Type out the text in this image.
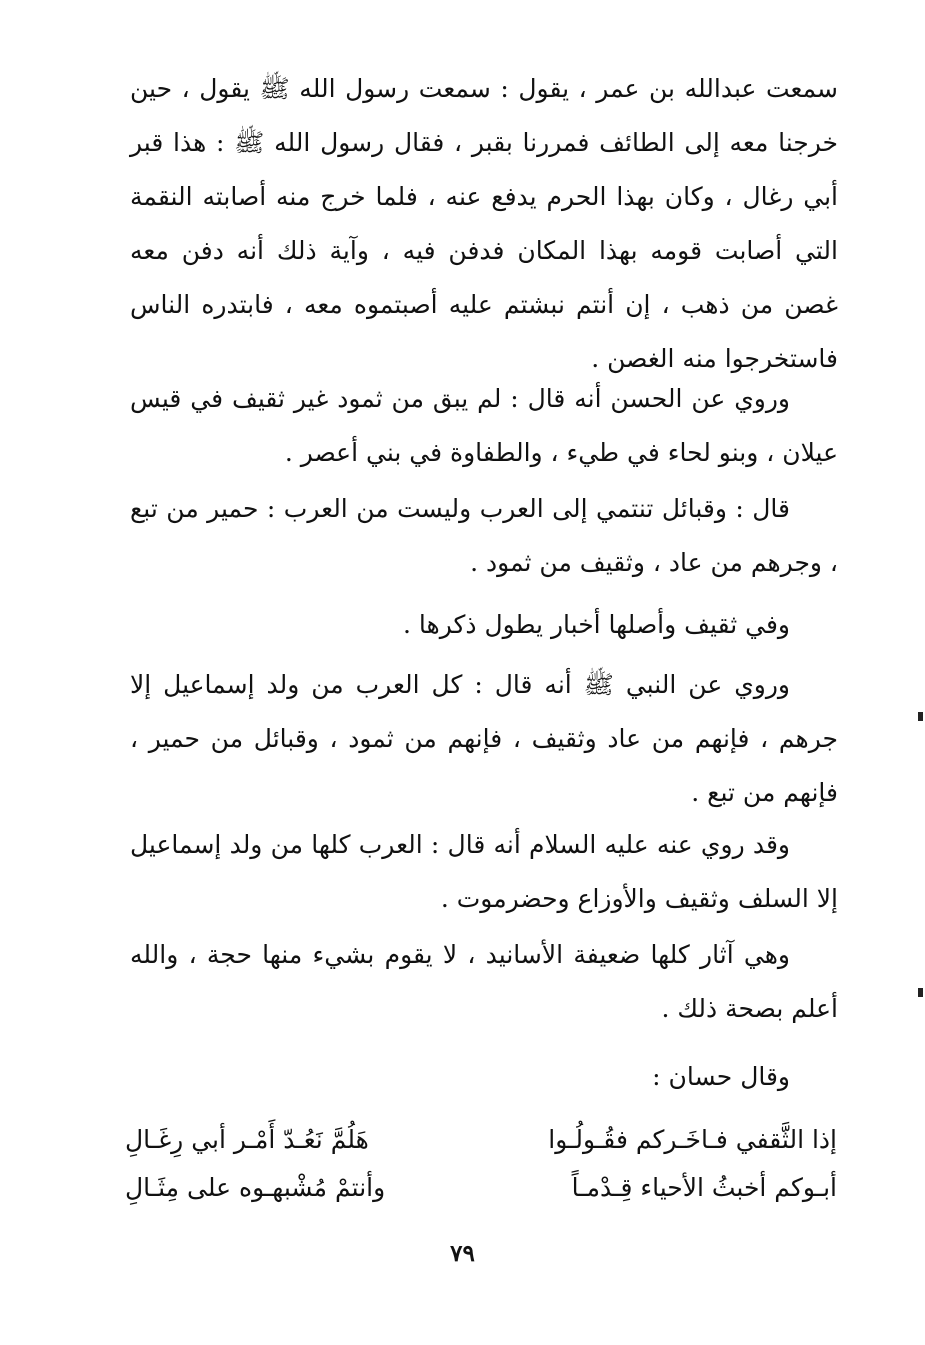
سمعت عبدالله بن عمر ، يقول : سمعت رسول الله ﷺ يقول ، حين خرجنا معه إلى الطائف فمررنا بقبر ، فقال رسول الله ﷺ : هذا قبر أبي رغال ، وكان بهذا الحرم يدفع عنه ، فلما خرج منه أصابته النقمة التي أصابت قومه بهذا المكان فدفن فيه ، وآية ذلك أنه دفن معه غصن من ذهب ، إن أنتم نبشتم عليه أصبتموه معه ، فابتدره الناس فاستخرجوا منه الغصن .

وروي عن الحسن أنه قال : لم يبق من ثمود غير ثقيف في قيس عيلان ، وبنو لحاء في طيء ، والطفاوة في بني أعصر .

قال : وقبائل تنتمي إلى العرب وليست من العرب : حمير من تبع ، وجرهم من عاد ، وثقيف من ثمود .

وفي ثقيف وأصلها أخبار يطول ذكرها .

وروي عن النبي ﷺ أنه قال : كل العرب من ولد إسماعيل إلا جرهم ، فإنهم من عاد وثقيف ، فإنهم من ثمود ، وقبائل من حمير ، فإنهم من تبع .

وقد روي عنه عليه السلام أنه قال : العرب كلها من ولد إسماعيل إلا السلف وثقيف والأوزاع وحضرموت .

وهي آثار كلها ضعيفة الأسانيد ، لا يقوم بشيء منها حجة ، والله أعلم بصحة ذلك .

وقال حسان :

إذا الثَّقفي فـاخَـركم فقُـولُـوا
هَلُمَّ نَعُـدّ أَمْـر أبي رِغَـالِ
أبـوكم أخبثُ الأحياء قِـدْمـاً
وأنتمْ مُشْبهـوه على مِثَـالِ
٧٩
